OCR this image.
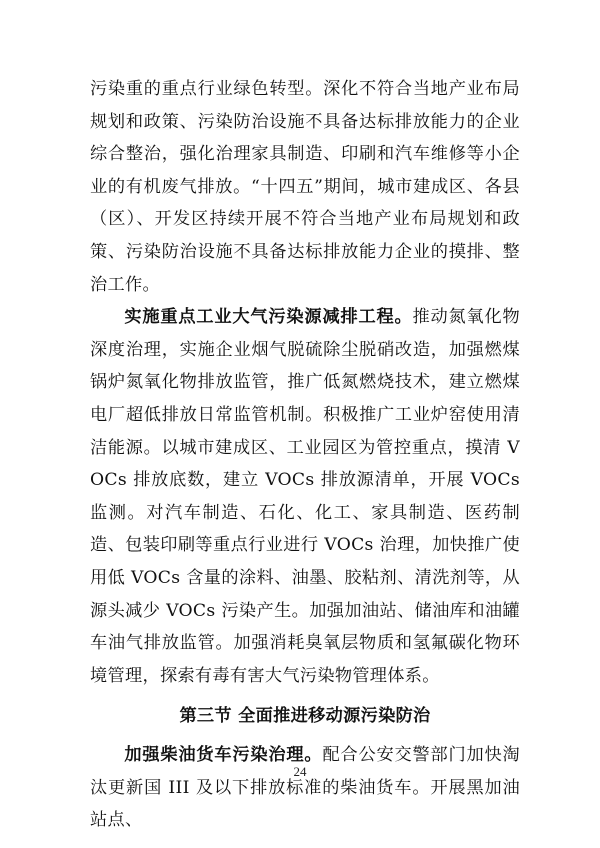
污染重的重点行业绿色转型。深化不符合当地产业布局规划和政策、污染防治设施不具备达标排放能力的企业综合整治，强化治理家具制造、印刷和汽车维修等小企业的有机废气排放。“十四五”期间，城市建成区、各县（区）、开发区持续开展不符合当地产业布局规划和政策、污染防治设施不具备达标排放能力企业的摸排、整治工作。

实施重点工业大气污染源减排工程。推动氮氧化物深度治理，实施企业烟气脱硫除尘脱硝改造，加强燃煤锅炉氮氧化物排放监管，推广低氮燃烧技术，建立燃煤电厂超低排放日常监管机制。积极推广工业炉窑使用清洁能源。以城市建成区、工业园区为管控重点，摸清 VOCs 排放底数，建立 VOCs 排放源清单，开展 VOCs 监测。对汽车制造、石化、化工、家具制造、医药制造、包装印刷等重点行业进行 VOCs 治理，加快推广使用低 VOCs 含量的涂料、油墨、胶粘剂、清洗剂等，从源头减少 VOCs 污染产生。加强加油站、储油库和油罐车油气排放监管。加强消耗臭氧层物质和氢氟碳化物环境管理，探索有毒有害大气污染物管理体系。

第三节 全面推进移动源污染防治

加强柴油货车污染治理。配合公安交警部门加快淘汰更新国 III 及以下排放标准的柴油货车。开展黑加油站点、

24
